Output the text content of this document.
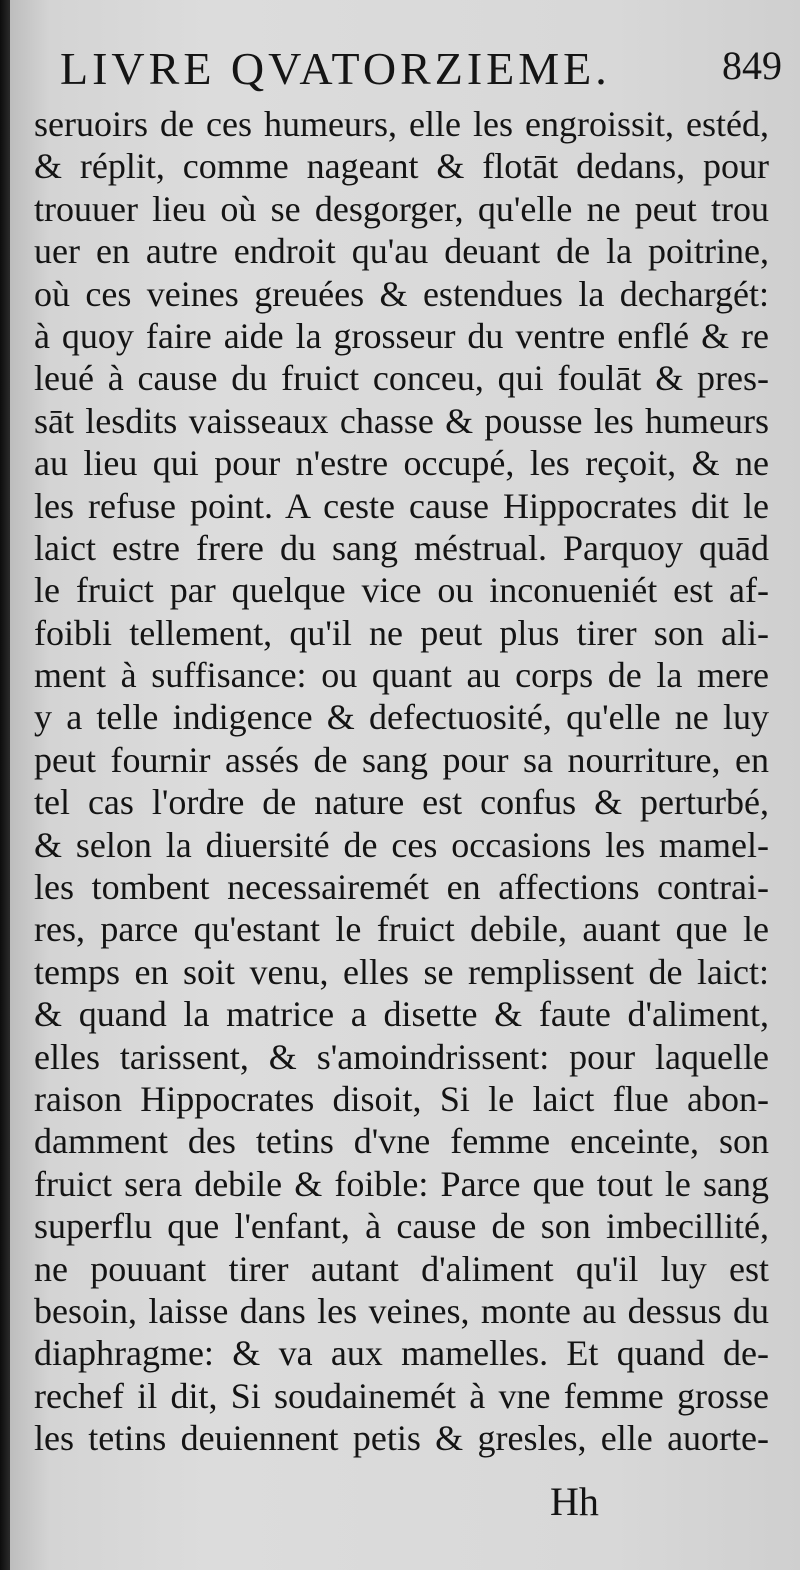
LIVRE QVATORZIEME.	849
seruoirs de ces humeurs, elle les engroissit, estéd,
& réplit, comme nageant & flotāt dedans, pour
trouuer lieu où se desgorger, qu'elle ne peut trou
uer en autre endroit qu'au deuant de la poitrine,
où ces veines greuées & estendues la dechargét:
à quoy faire aide la grosseur du ventre enflé & re
leué à cause du fruict conceu, qui foulāt & pres-
sāt lesdits vaisseaux chasse & pousse les humeurs
au lieu qui pour n'estre occupé, les reçoit, & ne
les refuse point. A ceste cause Hippocrates dit le
laict estre frere du sang méstrual. Parquoy quād
le fruict par quelque vice ou inconueniét est af-
foibli tellement, qu'il ne peut plus tirer son ali-
ment à suffisance: ou quant au corps de la mere
y a telle indigence & defectuosité, qu'elle ne luy
peut fournir assés de sang pour sa nourriture, en
tel cas l'ordre de nature est confus & perturbé,
& selon la diuersité de ces occasions les mamel-
les tombent necessairemét en affections contrai-
res, parce qu'estant le fruict debile, auant que le
temps en soit venu, elles se remplissent de laict:
& quand la matrice a disette & faute d'aliment,
elles tarissent, & s'amoindrissent: pour laquelle
raison Hippocrates disoit, Si le laict flue abon-
damment des tetins d'vne femme enceinte, son
fruict sera debile & foible: Parce que tout le sang
superflu que l'enfant, à cause de son imbecillité,
ne pouuant tirer autant d'aliment qu'il luy est
besoin, laisse dans les veines, monte au dessus du
diaphragme: & va aux mamelles. Et quand de-
rechef il dit, Si soudainemét à vne femme grosse
les tetins deuiennent petis & gresles, elle auorte-
Hh
